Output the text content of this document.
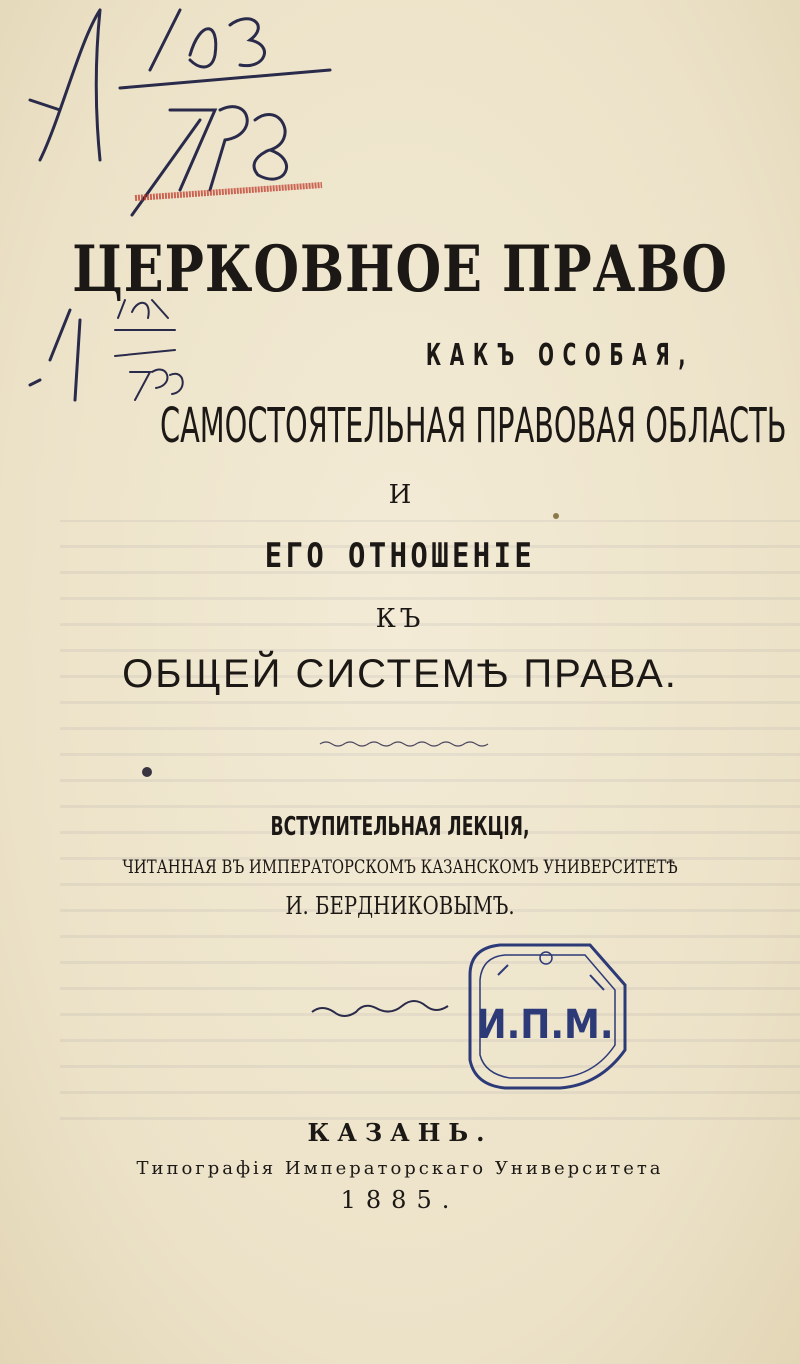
ЦЕРКОВНОЕ ПРАВО
КАКЪ ОСОБАЯ,
САМОСТОЯТЕЛЬНАЯ ПРАВОВАЯ ОБЛАСТЬ
И
ЕГО ОТНОШЕНІЕ
КЪ
ОБЩЕЙ СИСТЕМѢ ПРАВА.
ВСТУПИТЕЛЬНАЯ ЛЕКЦІЯ,
ЧИТАННАЯ ВЪ ИМПЕРАТОРСКОМЪ КАЗАНСКОМЪ УНИВЕРСИТЕТѢ
И. БЕРДНИКОВЫМЪ.
И.П.М.
КАЗАНЬ.
Типографія Императорскаго Университета
1885.
